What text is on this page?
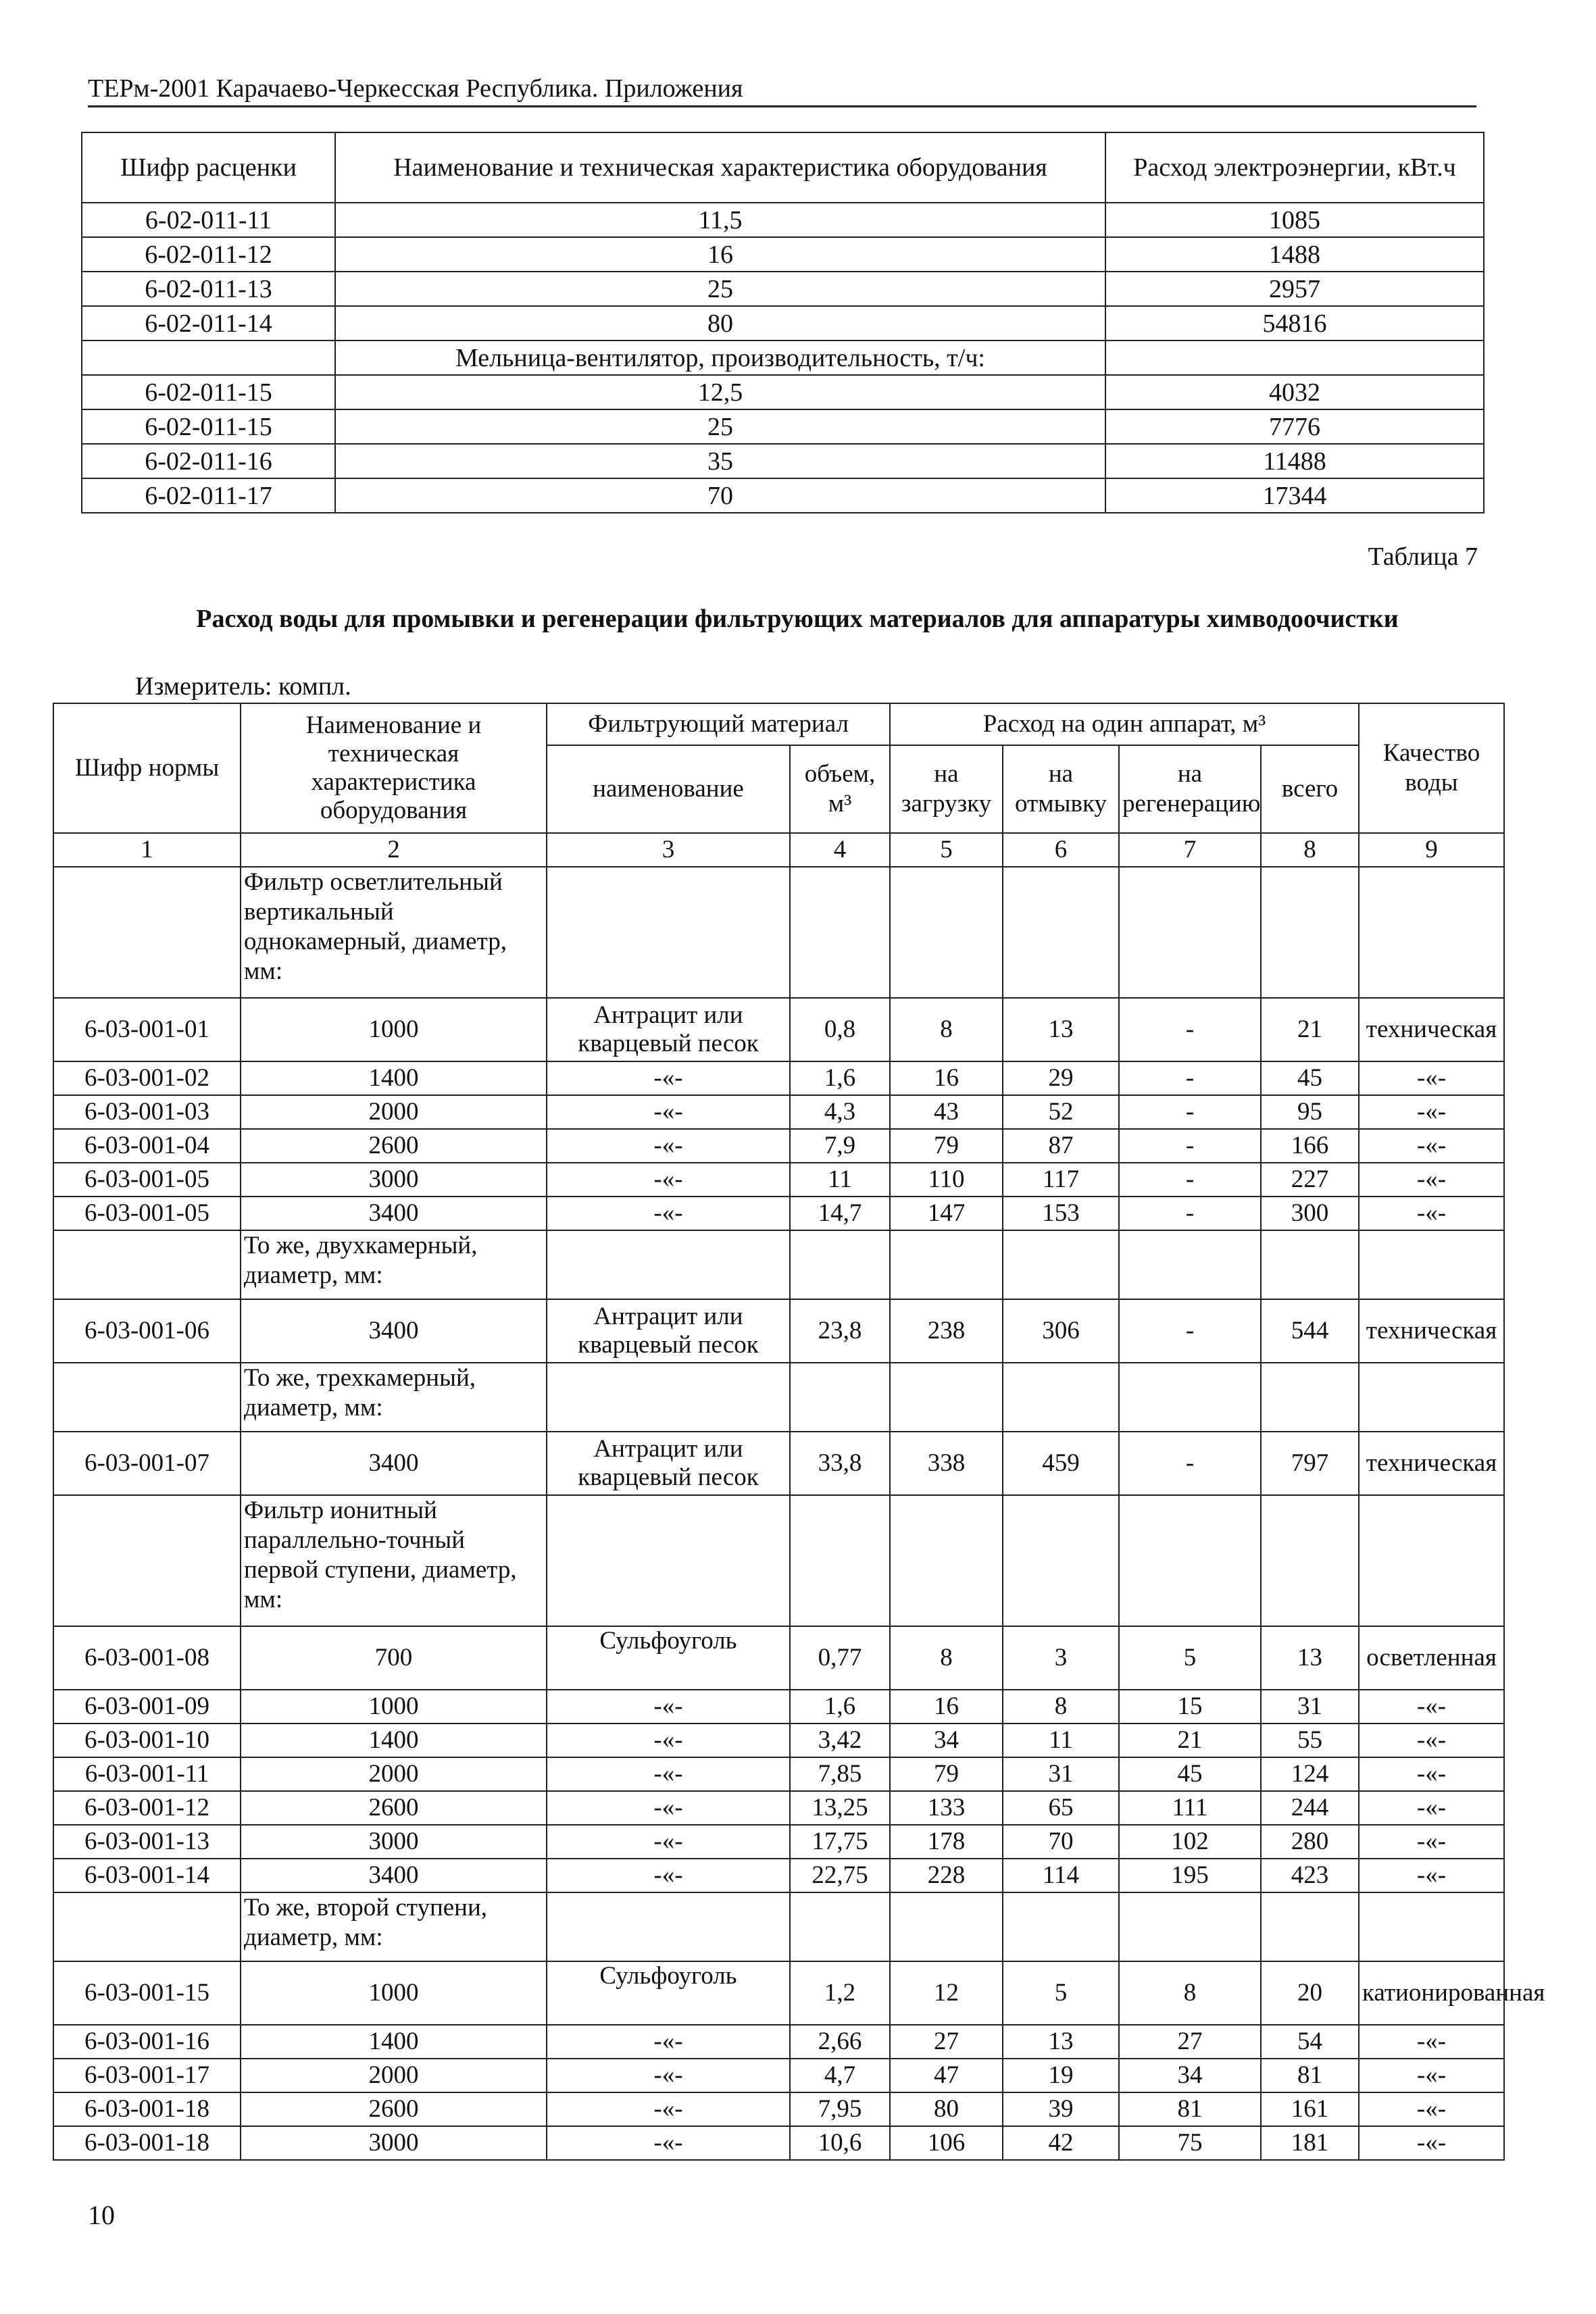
ТЕРм-2001 Карачаево-Черкесская Республика. Приложения
Шифр расценки	Наименование и техническая характеристика оборудования	Расход электроэнергии, кВт.ч
6-02-011-11	11,5	1085
6-02-011-12	16	1488
6-02-011-13	25	2957
6-02-011-14	80	54816
	Мельница-вентилятор, производительность, т/ч:	
6-02-011-15	12,5	4032
6-02-011-15	25	7776
6-02-011-16	35	11488
6-02-011-17	70	17344
Таблица 7
Расход воды для промывки и регенерации фильтрующих материалов для аппаратуры химводоочистки
Измеритель: компл.
Шифр нормы	Наименование и техническая характеристика оборудования	Фильтрующий материал		Расход на один аппарат, м³				Качество воды
		наименование	объем, м³	на загрузку	на отмывку	на регенерацию	всего	
1	2	3	4	5	6	7	8	9
	Фильтр осветлительный вертикальный однокамерный, диаметр, мм:							
6-03-001-01	1000	Антрацит или кварцевый песок	0,8	8	13	-	21	техническая
6-03-001-02	1400	-«-	1,6	16	29	-	45	-«-
6-03-001-03	2000	-«-	4,3	43	52	-	95	-«-
6-03-001-04	2600	-«-	7,9	79	87	-	166	-«-
6-03-001-05	3000	-«-	11	110	117	-	227	-«-
6-03-001-05	3400	-«-	14,7	147	153	-	300	-«-
	То же, двухкамерный, диаметр, мм:							
6-03-001-06	3400	Антрацит или кварцевый песок	23,8	238	306	-	544	техническая
	То же, трехкамерный, диаметр, мм:							
6-03-001-07	3400	Антрацит или кварцевый песок	33,8	338	459	-	797	техническая
	Фильтр ионитный параллельно-точный первой ступени, диаметр, мм:							
6-03-001-08	700	Сульфоуголь	0,77	8	3	5	13	осветленная
6-03-001-09	1000	-«-	1,6	16	8	15	31	-«-
6-03-001-10	1400	-«-	3,42	34	11	21	55	-«-
6-03-001-11	2000	-«-	7,85	79	31	45	124	-«-
6-03-001-12	2600	-«-	13,25	133	65	111	244	-«-
6-03-001-13	3000	-«-	17,75	178	70	102	280	-«-
6-03-001-14	3400	-«-	22,75	228	114	195	423	-«-
	То же, второй ступени, диаметр, мм:							
6-03-001-15	1000	Сульфоуголь	1,2	12	5	8	20	катионированная
6-03-001-16	1400	-«-	2,66	27	13	27	54	-«-
6-03-001-17	2000	-«-	4,7	47	19	34	81	-«-
6-03-001-18	2600	-«-	7,95	80	39	81	161	-«-
6-03-001-18	3000	-«-	10,6	106	42	75	181	-«-
10
